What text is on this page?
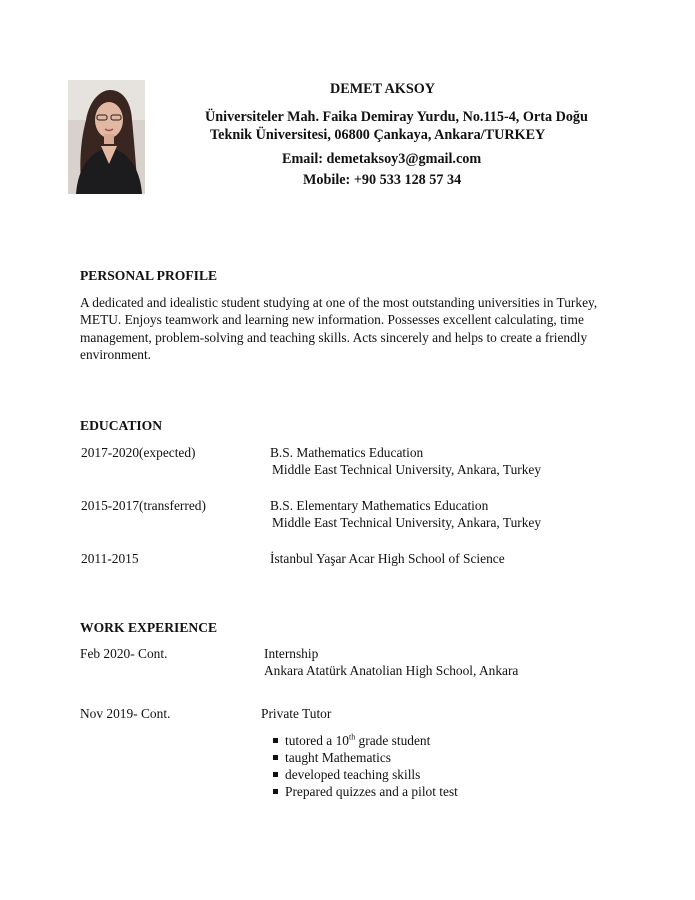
DEMET AKSOY
Üniversiteler Mah. Faika Demiray Yurdu, No.115-4, Orta Doğu
Teknik Üniversitesi, 06800 Çankaya, Ankara/TURKEY
Email: demetaksoy3@gmail.com
Mobile: +90 533 128 57 34
PERSONAL PROFILE
A dedicated and idealistic student studying at one of the most outstanding universities in Turkey,
METU. Enjoys teamwork and learning new information. Possesses excellent calculating, time
management, problem-solving and teaching skills. Acts sincerely and helps to create a friendly
environment.
EDUCATION
2017-2020(expected)	B.S. Mathematics Education
Middle East Technical University, Ankara, Turkey
2015-2017(transferred)	B.S. Elementary Mathematics Education
Middle East Technical University, Ankara, Turkey
2011-2015	İstanbul Yaşar Acar High School of Science
WORK EXPERIENCE
Feb 2020- Cont.	Internship
Ankara Atatürk Anatolian High School, Ankara
Nov 2019- Cont.	Private Tutor
tutored a 10th grade student
taught Mathematics
developed teaching skills
Prepared quizzes and a pilot test
